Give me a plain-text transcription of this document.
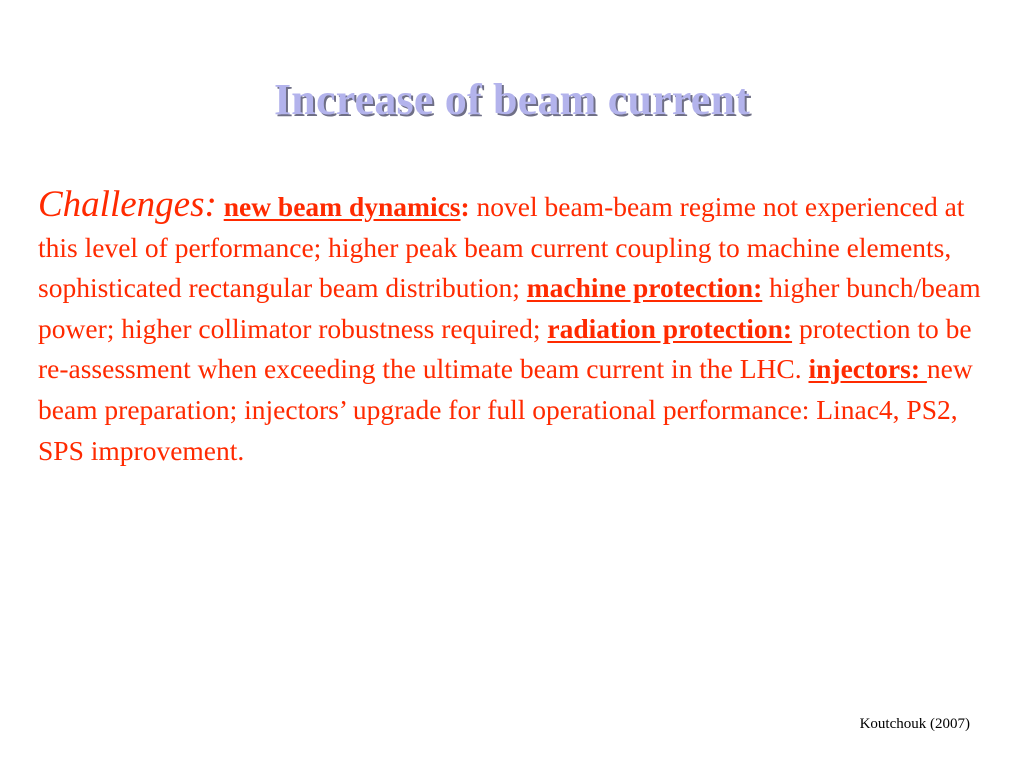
Increase of beam current
Challenges: new beam dynamics: novel beam-beam regime not experienced at this level of performance; higher peak beam current coupling to machine elements, sophisticated rectangular beam distribution; machine protection: higher bunch/beam power; higher collimator robustness required; radiation protection: protection to be re-assessment when exceeding the ultimate beam current in the LHC. injectors: new beam preparation; injectors’ upgrade for full operational performance: Linac4, PS2, SPS improvement.
Koutchouk (2007)
